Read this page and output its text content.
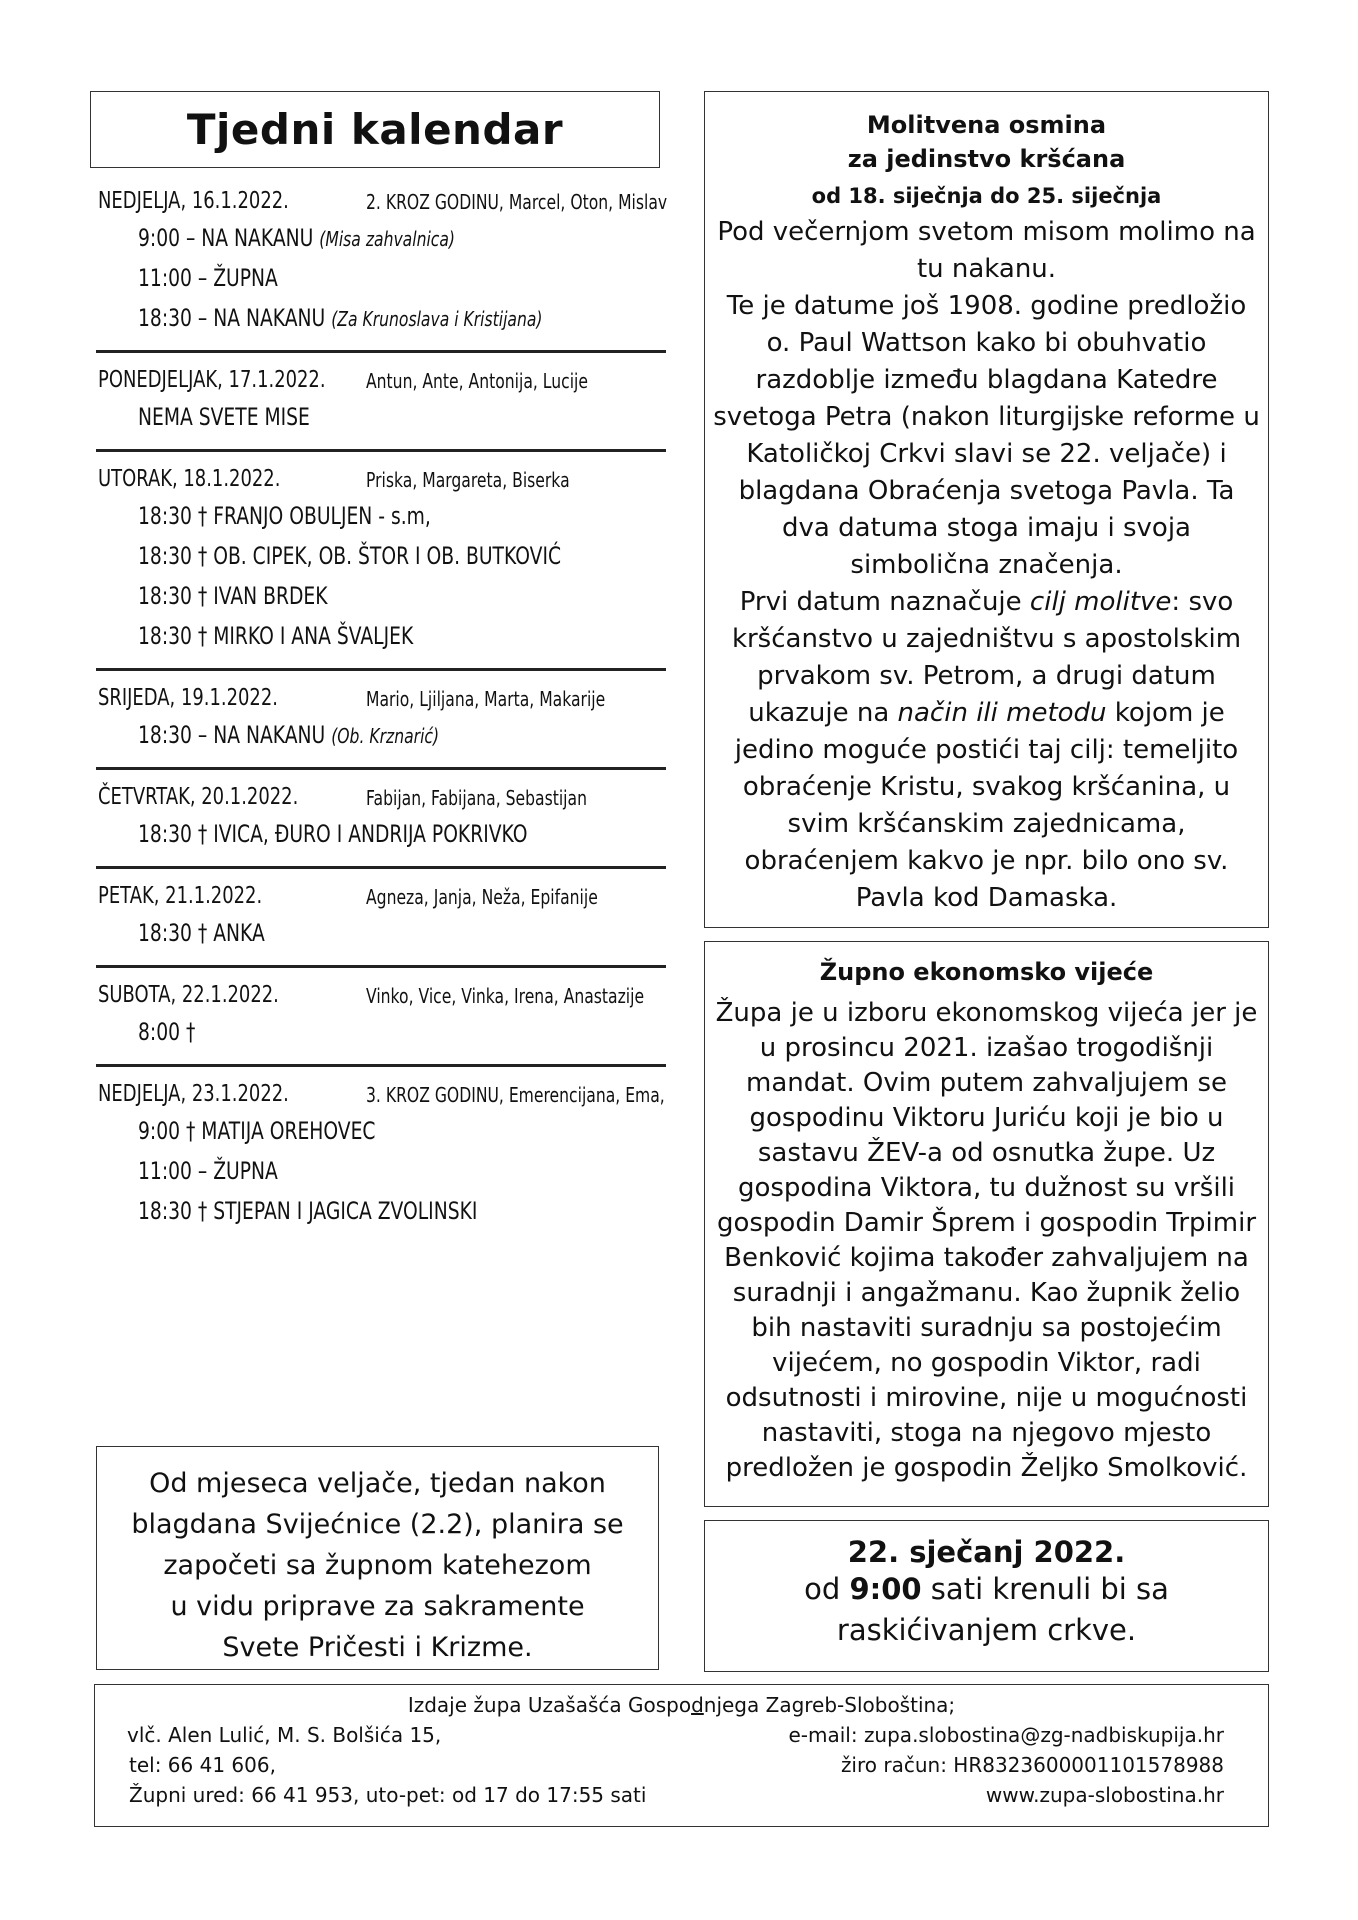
Tjedni kalendar
NEDJELJA, 16.1.2022.	2. KROZ GODINU, Marcel, Oton, Mislav
9:00 – NA NAKANU (Misa zahvalnica)
11:00 – ŽUPNA
18:30 – NA NAKANU (Za Krunoslava i Kristijana)
PONEDJELJAK, 17.1.2022. Antun, Ante, Antonija, Lucije
NEMA SVETE MISE
UTORAK, 18.1.2022.	Priska, Margareta, Biserka
18:30 † FRANJO OBULJEN - s.m,
18:30 † OB. CIPEK, OB. ŠTOR I OB. BUTKOVIĆ
18:30 † IVAN BRDEK
18:30 † MIRKO I ANA ŠVALJEK
SRIJEDA, 19.1.2022.	Mario, Ljiljana, Marta, Makarije
18:30 – NA NAKANU (Ob. Krznarić)
ČETVRTAK, 20.1.2022.	Fabijan, Fabijana, Sebastijan
18:30 † IVICA, ĐURO I ANDRIJA POKRIVKO
PETAK, 21.1.2022.	Agneza, Janja, Neža, Epifanije
18:30 † ANKA
SUBOTA, 22.1.2022.	Vinko, Vice, Vinka, Irena, Anastazije
8:00 †
NEDJELJA, 23.1.2022.	3. KROZ GODINU, Emerencijana, Ema,
9:00 † MATIJA OREHOVEC
11:00 – ŽUPNA
18:30 † STJEPAN I JAGICA ZVOLINSKI
Od mjeseca veljače, tjedan nakon
blagdana Svijećnice (2.2), planira se
započeti sa župnom katehezom
u vidu priprave za sakramente
Svete Pričesti i Krizme.
Molitvena osmina
za jedinstvo kršćana
od 18. siječnja do 25. siječnja

Pod večernjom svetom misom molimo na tu nakanu.

Te je datume još 1908. godine predložio o. Paul Wattson kako bi obuhvatio razdoblje između blagdana Katedre svetoga Petra (nakon liturgijske reforme u Katoličkoj Crkvi slavi se 22. veljače) i blagdana Obraćenja svetoga Pavla. Ta dva datuma stoga imaju i svoja simbolična značenja.

Prvi datum naznačuje cilj molitve: svo kršćanstvo u zajedništvu s apostolskim prvakom sv. Petrom, a drugi datum ukazuje na način ili metodu kojom je jedino moguće postići taj cilj: temeljito obraćenje Kristu, svakog kršćanina, u svim kršćanskim zajednicama, obraćenjem kakvo je npr. bilo ono sv. Pavla kod Damaska.

Župno ekonomsko vijeće
Župa je u izboru ekonomskog vijeća jer je u prosincu 2021. izašao trogodišnji mandat. Ovim putem zahvaljujem se gospodinu Viktoru Juriću koji je bio u sastavu ŽEV-a od osnutka župe. Uz gospodina Viktora, tu dužnost su vršili gospodin Damir Šprem i gospodin Trpimir Benković kojima također zahvaljujem na suradnji i angažmanu. Kao župnik želio bih nastaviti suradnju sa postojećim vijećem, no gospodin Viktor, radi odsutnosti i mirovine, nije u mogućnosti nastaviti, stoga na njegovo mjesto predložen je gospodin Željko Smolković.
22. sječanj 2022.
od 9:00 sati krenuli bi sa
raskićivanjem crkve.
Izdaje župa Uzašašća Gospodnjega Zagreb-Sloboština;
vlč. Alen Lulić, M. S. Bolšića 15,	e-mail: zupa.slobostina@zg-nadbiskupija.hr
tel: 66 41 606,	žiro račun: HR8323600001101578988
Župni ured: 66 41 953, uto-pet: od 17 do 17:55 sati	www.zupa-slobostina.hr
